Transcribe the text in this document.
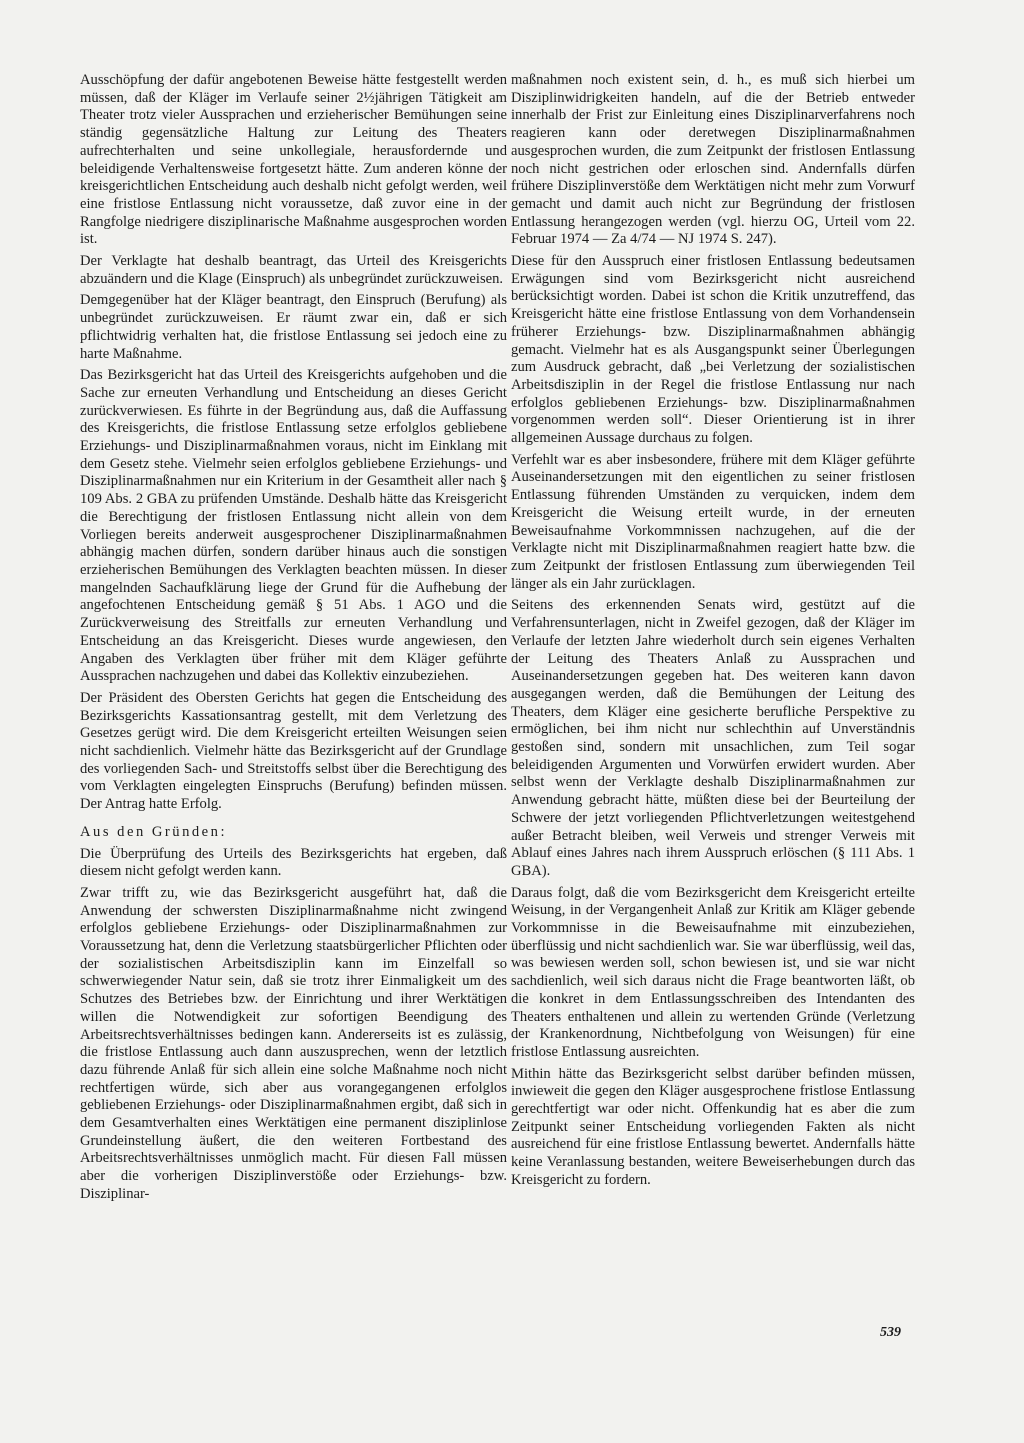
Ausschöpfung der dafür angebotenen Beweise hätte festgestellt werden müssen, daß der Kläger im Verlaufe seiner 2½jährigen Tätigkeit am Theater trotz vieler Aussprachen und erzieherischer Bemühungen seine ständig gegensätzliche Haltung zur Leitung des Theaters aufrechterhalten und seine unkollegiale, herausfordernde und beleidigende Verhaltensweise fortgesetzt hätte. Zum anderen könne der kreisgerichtlichen Entscheidung auch deshalb nicht gefolgt werden, weil eine fristlose Entlassung nicht voraussetze, daß zuvor eine in der Rangfolge niedrigere disziplinarische Maßnahme ausgesprochen worden ist.

Der Verklagte hat deshalb beantragt, das Urteil des Kreisgerichts abzuändern und die Klage (Einspruch) als unbegründet zurückzuweisen.

Demgegenüber hat der Kläger beantragt, den Einspruch (Berufung) als unbegründet zurückzuweisen. Er räumt zwar ein, daß er sich pflichtwidrig verhalten hat, die fristlose Entlassung sei jedoch eine zu harte Maßnahme.

Das Bezirksgericht hat das Urteil des Kreisgerichts aufgehoben und die Sache zur erneuten Verhandlung und Entscheidung an dieses Gericht zurückverwiesen. Es führte in der Begründung aus, daß die Auffassung des Kreisgerichts, die fristlose Entlassung setze erfolglos gebliebene Erziehungs- und Disziplinarmaßnahmen voraus, nicht im Einklang mit dem Gesetz stehe. Vielmehr seien erfolglos gebliebene Erziehungs- und Disziplinarmaßnahmen nur ein Kriterium in der Gesamtheit aller nach § 109 Abs. 2 GBA zu prüfenden Umstände. Deshalb hätte das Kreisgericht die Berechtigung der fristlosen Entlassung nicht allein von dem Vorliegen bereits anderweit ausgesprochener Disziplinarmaßnahmen abhängig machen dürfen, sondern darüber hinaus auch die sonstigen erzieherischen Bemühungen des Verklagten beachten müssen. In dieser mangelnden Sachaufklärung liege der Grund für die Aufhebung der angefochtenen Entscheidung gemäß § 51 Abs. 1 AGO und die Zurückverweisung des Streitfalls zur erneuten Verhandlung und Entscheidung an das Kreisgericht. Dieses wurde angewiesen, den Angaben des Verklagten über früher mit dem Kläger geführte Aussprachen nachzugehen und dabei das Kollektiv einzubeziehen.

Der Präsident des Obersten Gerichts hat gegen die Entscheidung des Bezirksgerichts Kassationsantrag gestellt, mit dem Verletzung des Gesetzes gerügt wird. Die dem Kreisgericht erteilten Weisungen seien nicht sachdienlich. Vielmehr hätte das Bezirksgericht auf der Grundlage des vorliegenden Sach- und Streitstoffs selbst über die Berechtigung des vom Verklagten eingelegten Einspruchs (Berufung) befinden müssen. Der Antrag hatte Erfolg.

Aus den Gründen:

Die Überprüfung des Urteils des Bezirksgerichts hat ergeben, daß diesem nicht gefolgt werden kann.

Zwar trifft zu, wie das Bezirksgericht ausgeführt hat, daß die Anwendung der schwersten Disziplinarmaßnahme nicht zwingend erfolglos gebliebene Erziehungs- oder Disziplinarmaßnahmen zur Voraussetzung hat, denn die Verletzung staatsbürgerlicher Pflichten oder der sozialistischen Arbeitsdisziplin kann im Einzelfall so schwerwiegender Natur sein, daß sie trotz ihrer Einmaligkeit um des Schutzes des Betriebes bzw. der Einrichtung und ihrer Werktätigen willen die Notwendigkeit zur sofortigen Beendigung des Arbeitsrechtsverhältnisses bedingen kann. Andererseits ist es zulässig, die fristlose Entlassung auch dann auszusprechen, wenn der letztlich dazu führende Anlaß für sich allein eine solche Maßnahme noch nicht rechtfertigen würde, sich aber aus vorangegangenen erfolglos gebliebenen Erziehungs- oder Disziplinarmaßnahmen ergibt, daß sich in dem Gesamtverhalten eines Werktätigen eine permanent disziplinlose Grundeinstellung äußert, die den weiteren Fortbestand des Arbeitsrechtsverhältnisses unmöglich macht. Für diesen Fall müssen aber die vorherigen Disziplinverstöße oder Erziehungs- bzw. Disziplinar-

maßnahmen noch existent sein, d. h., es muß sich hierbei um Disziplinwidrigkeiten handeln, auf die der Betrieb entweder innerhalb der Frist zur Einleitung eines Disziplinarverfahrens noch reagieren kann oder deretwegen Disziplinarmaßnahmen ausgesprochen wurden, die zum Zeitpunkt der fristlosen Entlassung noch nicht gestrichen oder erloschen sind. Andernfalls dürfen frühere Disziplinverstöße dem Werktätigen nicht mehr zum Vorwurf gemacht und damit auch nicht zur Begründung der fristlosen Entlassung herangezogen werden (vgl. hierzu OG, Urteil vom 22. Februar 1974 — Za 4/74 — NJ 1974 S. 247).

Diese für den Ausspruch einer fristlosen Entlassung bedeutsamen Erwägungen sind vom Bezirksgericht nicht ausreichend berücksichtigt worden. Dabei ist schon die Kritik unzutreffend, das Kreisgericht hätte eine fristlose Entlassung von dem Vorhandensein früherer Erziehungs- bzw. Disziplinarmaßnahmen abhängig gemacht. Vielmehr hat es als Ausgangspunkt seiner Überlegungen zum Ausdruck gebracht, daß „bei Verletzung der sozialistischen Arbeitsdisziplin in der Regel die fristlose Entlassung nur nach erfolglos gebliebenen Erziehungs- bzw. Disziplinarmaßnahmen vorgenommen werden soll“. Dieser Orientierung ist in ihrer allgemeinen Aussage durchaus zu folgen.

Verfehlt war es aber insbesondere, frühere mit dem Kläger geführte Auseinandersetzungen mit den eigentlichen zu seiner fristlosen Entlassung führenden Umständen zu verquicken, indem dem Kreisgericht die Weisung erteilt wurde, in der erneuten Beweisaufnahme Vorkommnissen nachzugehen, auf die der Verklagte nicht mit Disziplinarmaßnahmen reagiert hatte bzw. die zum Zeitpunkt der fristlosen Entlassung zum überwiegenden Teil länger als ein Jahr zurücklagen.

Seitens des erkennenden Senats wird, gestützt auf die Verfahrensunterlagen, nicht in Zweifel gezogen, daß der Kläger im Verlaufe der letzten Jahre wiederholt durch sein eigenes Verhalten der Leitung des Theaters Anlaß zu Aussprachen und Auseinandersetzungen gegeben hat. Des weiteren kann davon ausgegangen werden, daß die Bemühungen der Leitung des Theaters, dem Kläger eine gesicherte berufliche Perspektive zu ermöglichen, bei ihm nicht nur schlechthin auf Unverständnis gestoßen sind, sondern mit unsachlichen, zum Teil sogar beleidigenden Argumenten und Vorwürfen erwidert wurden. Aber selbst wenn der Verklagte deshalb Disziplinarmaßnahmen zur Anwendung gebracht hätte, müßten diese bei der Beurteilung der Schwere der jetzt vorliegenden Pflichtverletzungen weitestgehend außer Betracht bleiben, weil Verweis und strenger Verweis mit Ablauf eines Jahres nach ihrem Ausspruch erlöschen (§ 111 Abs. 1 GBA).

Daraus folgt, daß die vom Bezirksgericht dem Kreisgericht erteilte Weisung, in der Vergangenheit Anlaß zur Kritik am Kläger gebende Vorkommnisse in die Beweisaufnahme mit einzubeziehen, überflüssig und nicht sachdienlich war. Sie war überflüssig, weil das, was bewiesen werden soll, schon bewiesen ist, und sie war nicht sachdienlich, weil sich daraus nicht die Frage beantworten läßt, ob die konkret in dem Entlassungsschreiben des Intendanten des Theaters enthaltenen und allein zu wertenden Gründe (Verletzung der Krankenordnung, Nichtbefolgung von Weisungen) für eine fristlose Entlassung ausreichten.

Mithin hätte das Bezirksgericht selbst darüber befinden müssen, inwieweit die gegen den Kläger ausgesprochene fristlose Entlassung gerechtfertigt war oder nicht. Offenkundig hat es aber die zum Zeitpunkt seiner Entscheidung vorliegenden Fakten als nicht ausreichend für eine fristlose Entlassung bewertet. Andernfalls hätte keine Veranlassung bestanden, weitere Beweiserhebungen durch das Kreisgericht zu fordern.

539
